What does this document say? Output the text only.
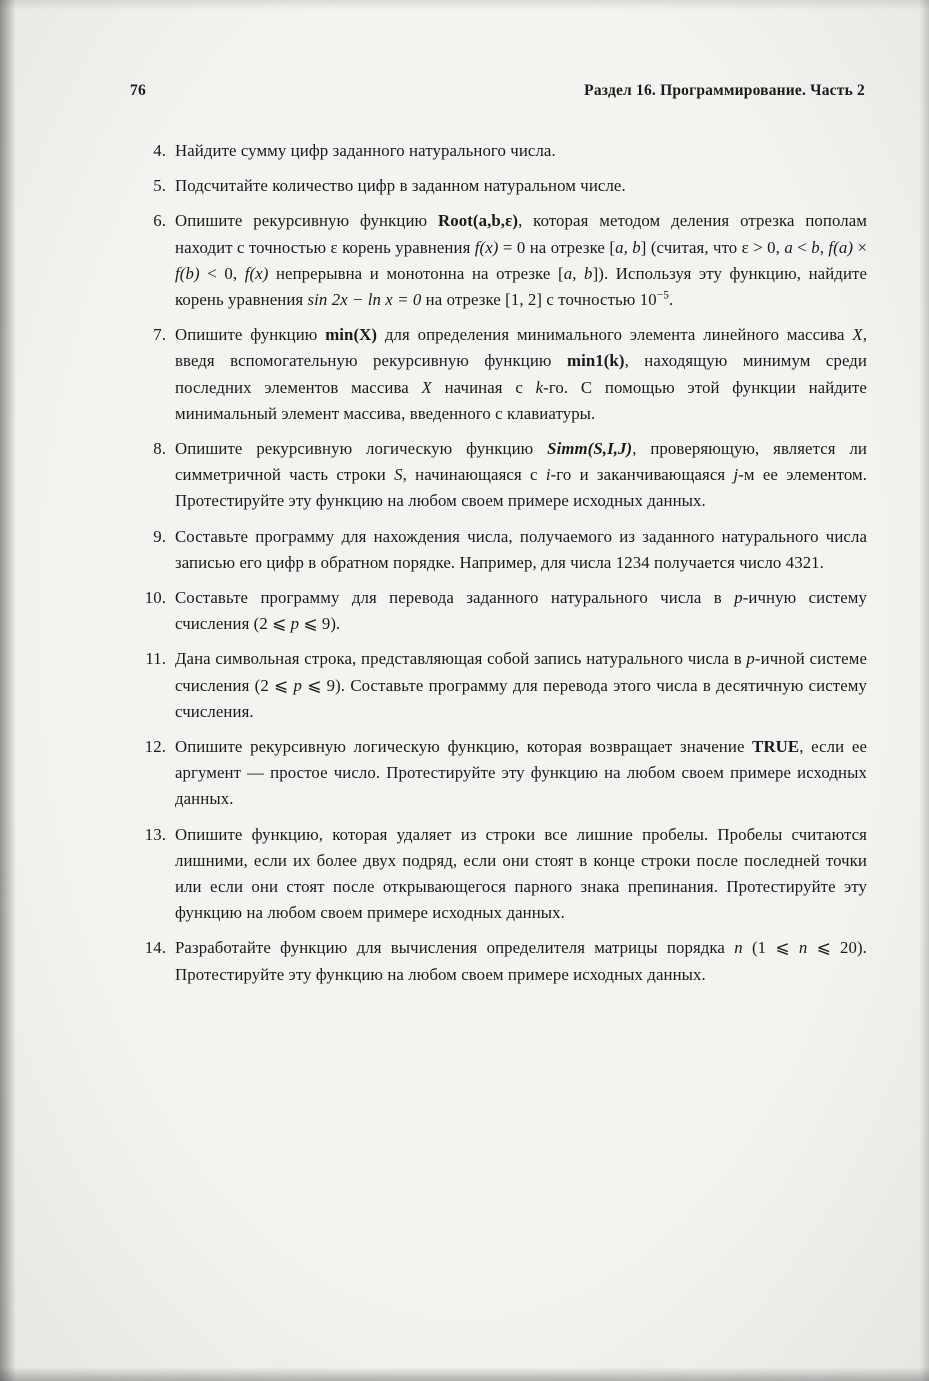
76	Раздел 16. Программирование. Часть 2
4. Найдите сумму цифр заданного натурального числа.
5. Подсчитайте количество цифр в заданном натуральном числе.
6. Опишите рекурсивную функцию Root(a,b,ε), которая методом деления отрезка пополам находит с точностью ε корень уравнения f(x) = 0 на отрезке [a, b] (считая, что ε > 0, a < b, f(a) × f(b) < 0, f(x) непрерывна и монотонна на отрезке [a, b]). Используя эту функцию, найдите корень уравнения sin 2x − ln x = 0 на отрезке [1, 2] с точностью $10^{-5}$.
7. Опишите функцию min(X) для определения минимального элемента линейного массива X, введя вспомогательную рекурсивную функцию min1(k), находящую минимум среди последних элементов массива X начиная с k-го. С помощью этой функции найдите минимальный элемент массива, введенного с клавиатуры.
8. Опишите рекурсивную логическую функцию Simm(S,I,J), проверяющую, является ли симметричной часть строки S, начинающаяся с i-го и заканчивающаяся j-м ее элементом. Протестируйте эту функцию на любом своем примере исходных данных.
9. Составьте программу для нахождения числа, получаемого из заданного натурального числа записью его цифр в обратном порядке. Например, для числа 1234 получается число 4321.
10. Составьте программу для перевода заданного натурального числа в p-ичную систему счисления (2 ⩽ p ⩽ 9).
11. Дана символьная строка, представляющая собой запись натурального числа в p-ичной системе счисления (2 ⩽ p ⩽ 9). Составьте программу для перевода этого числа в десятичную систему счисления.
12. Опишите рекурсивную логическую функцию, которая возвращает значение TRUE, если ее аргумент — простое число. Протестируйте эту функцию на любом своем примере исходных данных.
13. Опишите функцию, которая удаляет из строки все лишние пробелы. Пробелы считаются лишними, если их более двух подряд, если они стоят в конце строки после последней точки или если они стоят после открывающегося парного знака препинания. Протестируйте эту функцию на любом своем примере исходных данных.
14. Разработайте функцию для вычисления определителя матрицы порядка n (1 ⩽ n ⩽ 20). Протестируйте эту функцию на любом своем примере исходных данных.
